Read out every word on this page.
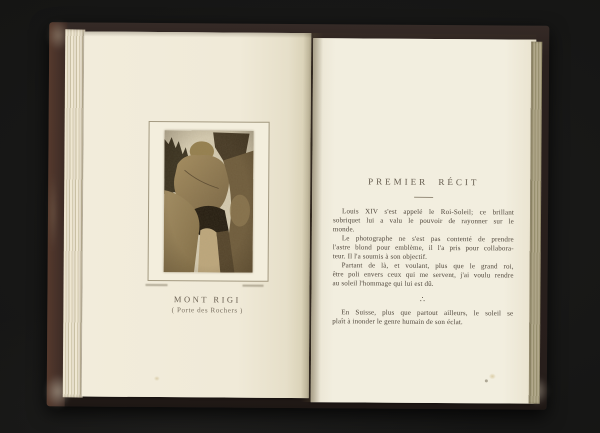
MONT RIGI
( Porte des Rochers )
PREMIER RÉCIT
Louis XIV s'est appelé le Roi-Soleil; ce brillant
sobriquet lui a valu le pouvoir de rayonner sur le
monde.
Le photographe ne s'est pas contenté de prendre
l'astre blond pour emblème, il l'a pris pour collabora-
teur. Il l'a soumis à son objectif.
Partant de là, et voulant, plus que le grand roi,
être poli envers ceux qui me servent, j'ai voulu rendre
au soleil l'hommage qui lui est dû.
∴
En Suisse, plus que partout ailleurs, le soleil se
plaît à inonder le genre humain de son éclat.
